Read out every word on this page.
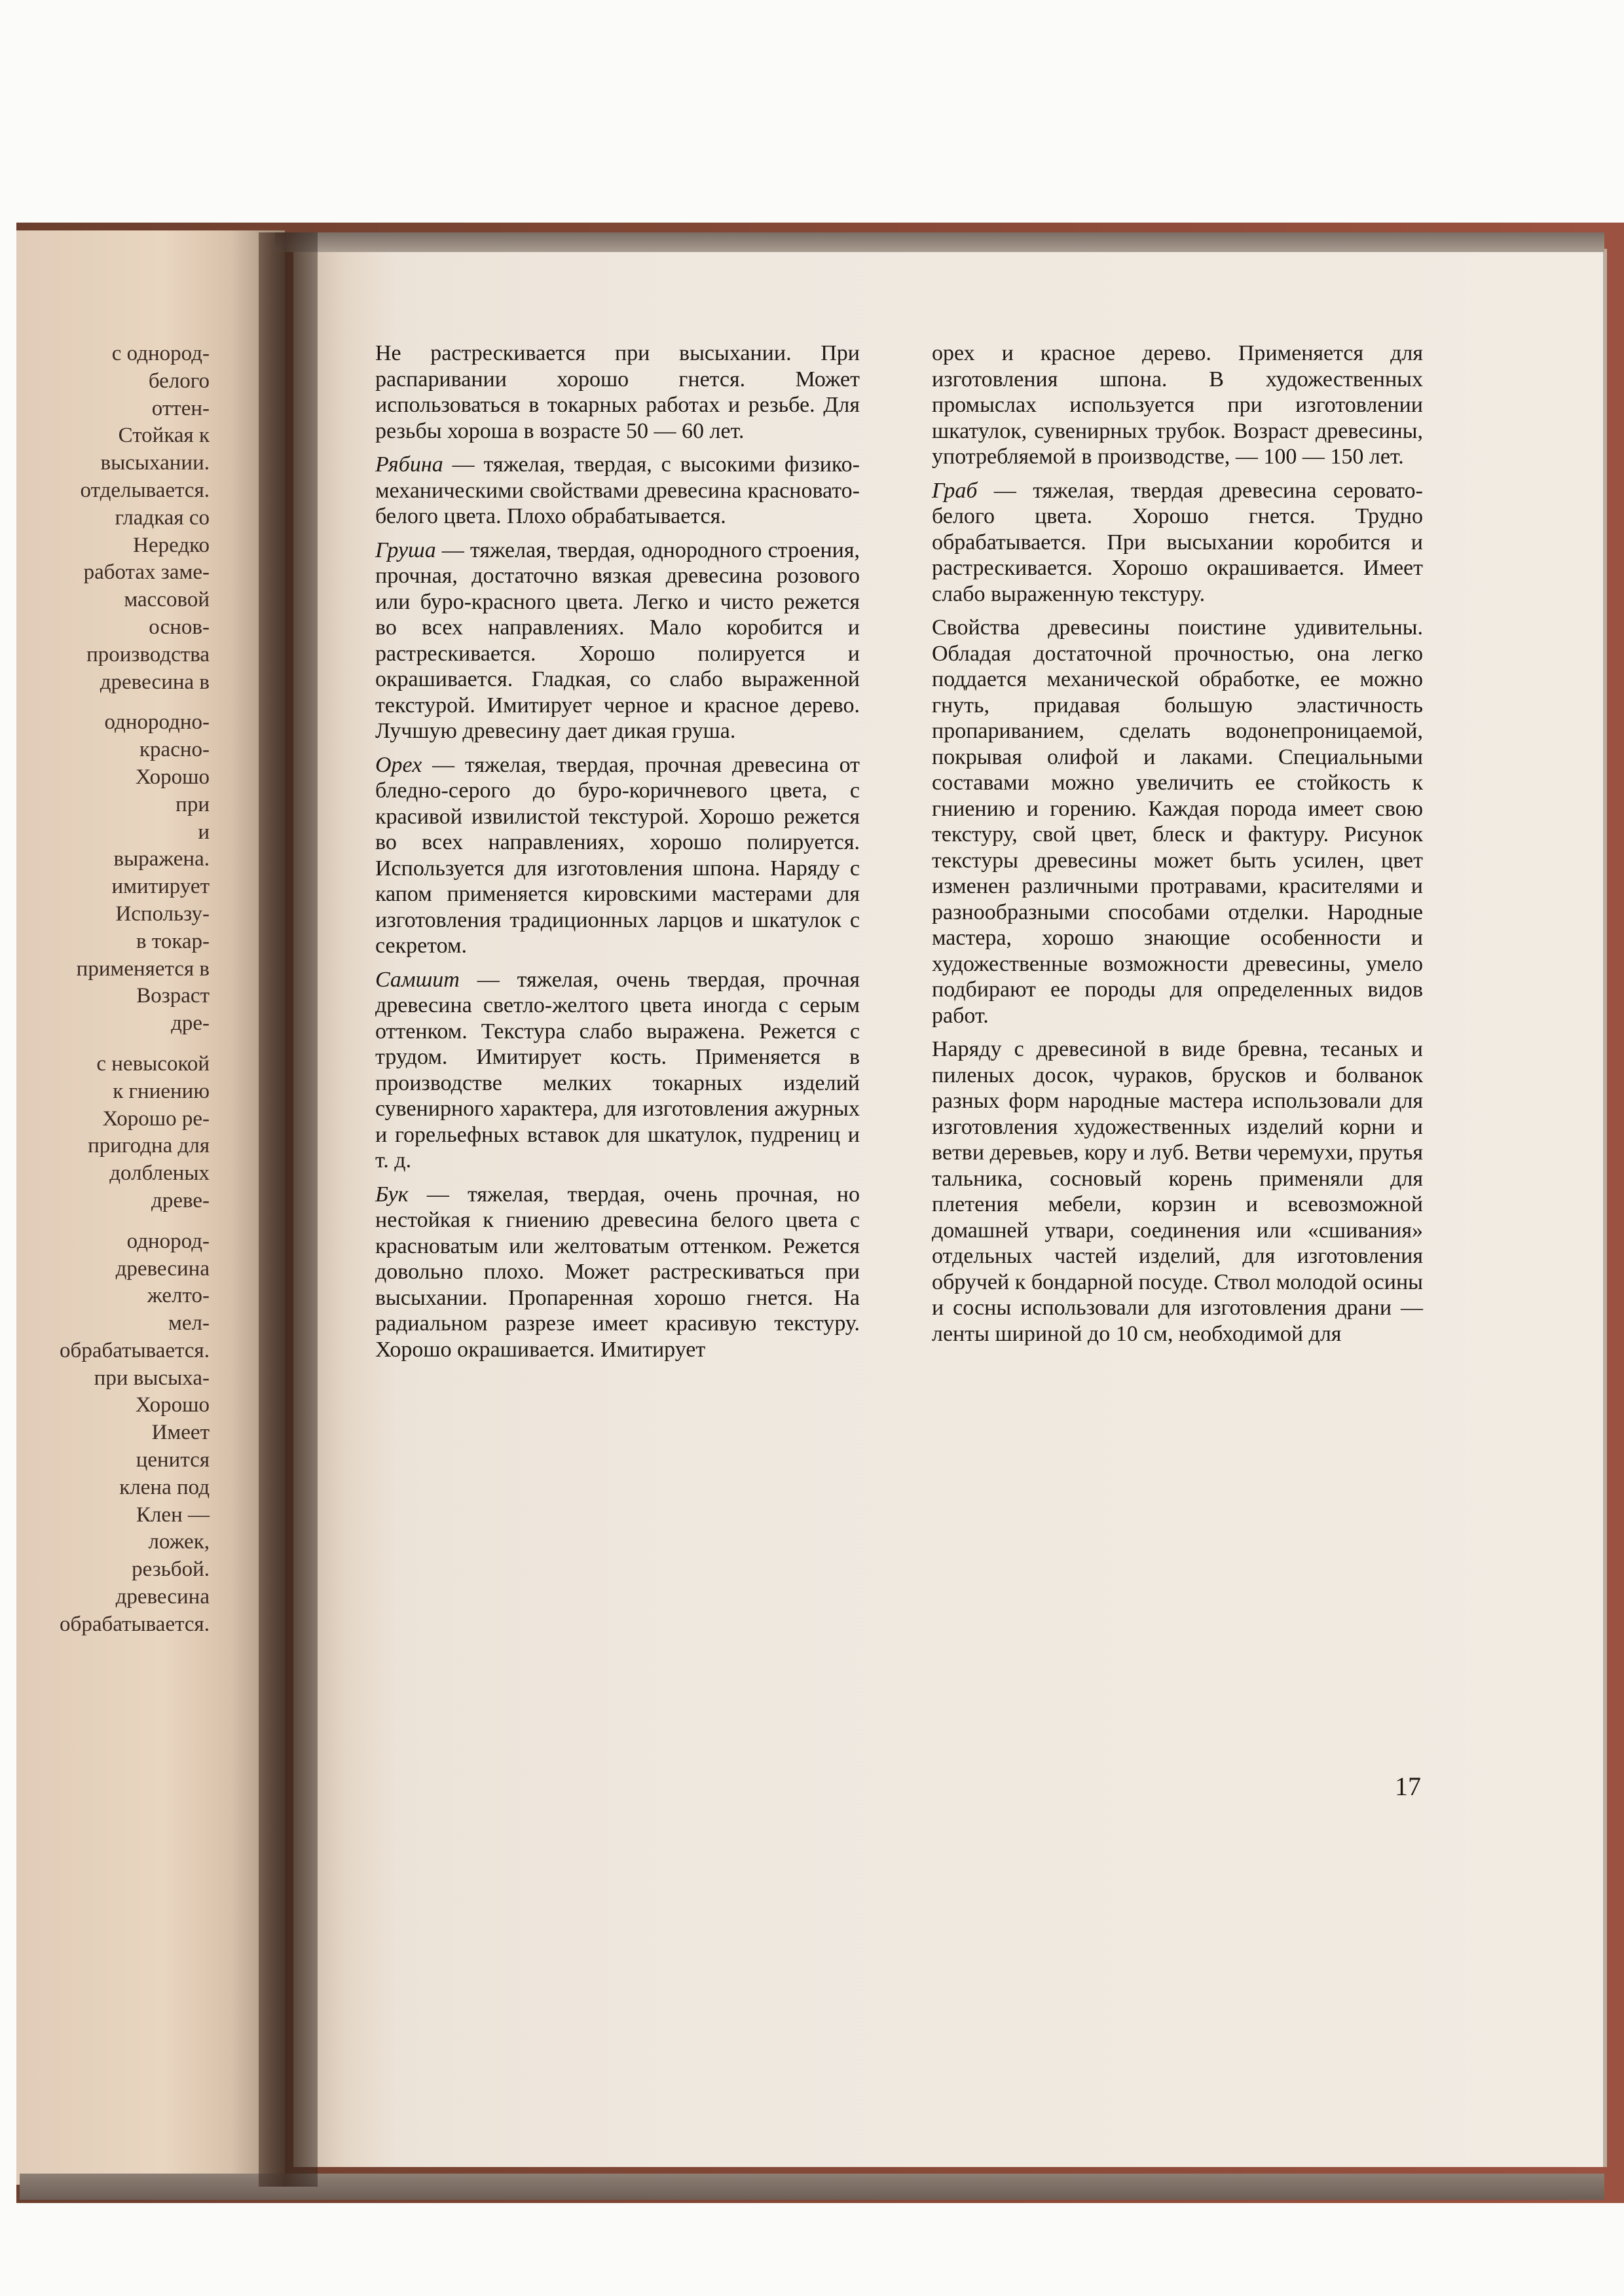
с однород-
белого
оттен-
Стойкая к
высыхании.
отделывается.
гладкая со
Нередко
работах заме-
массовой
основ-
производства
древесина в
однородно-
красно-
Хорошо
при
и
выражена.
имитирует
Использу-
в токар-
применяется в
Возраст
дре-
с невысокой
к гниению
Хорошо ре-
пригодна для
долбленых
древе-
однород-
древесина
желто-
мел-
обрабатывается.
при высыха-
Хорошо
Имеет
ценится
клена под
Клен —
ложек,
резьбой.
древесина
обрабатывается.

Не растрескивается при высыхании. При распаривании хорошо гнется. Может использоваться в токарных работах и резьбе. Для резьбы хороша в возрасте 50 — 60 лет.

Рябина — тяжелая, твердая, с высокими физико-механическими свойствами древесина красновато-белого цвета. Плохо обрабатывается.

Груша — тяжелая, твердая, однородного строения, прочная, достаточно вязкая древесина розового или буро-красного цвета. Легко и чисто режется во всех направлениях. Мало коробится и растрескивается. Хорошо полируется и окрашивается. Гладкая, со слабо выраженной текстурой. Имитирует черное и красное дерево. Лучшую древесину дает дикая груша.

Орех — тяжелая, твердая, прочная древесина от бледно-серого до буро-коричневого цвета, с красивой извилистой текстурой. Хорошо режется во всех направлениях, хорошо полируется. Используется для изготовления шпона. Наряду с капом применяется кировскими мастерами для изготовления традиционных ларцов и шкатулок с секретом.

Самшит — тяжелая, очень твердая, прочная древесина светло-желтого цвета иногда с серым оттенком. Текстура слабо выражена. Режется с трудом. Имитирует кость. Применяется в производстве мелких токарных изделий сувенирного характера, для изготовления ажурных и горельефных вставок для шкатулок, пудрениц и т. д.

Бук — тяжелая, твердая, очень прочная, но нестойкая к гниению древесина белого цвета с красноватым или желтоватым оттенком. Режется довольно плохо. Может растрескиваться при высыхании. Пропаренная хорошо гнется. На радиальном разрезе имеет красивую текстуру. Хорошо окрашивается. Имитирует

орех и красное дерево. Применяется для изготовления шпона. В художественных промыслах используется при изготовлении шкатулок, сувенирных трубок. Возраст древесины, употребляемой в производстве, — 100 — 150 лет.

Граб — тяжелая, твердая древесина серовато-белого цвета. Хорошо гнется. Трудно обрабатывается. При высыхании коробится и растрескивается. Хорошо окрашивается. Имеет слабо выраженную текстуру.

Свойства древесины поистине удивительны. Обладая достаточной прочностью, она легко поддается механической обработке, ее можно гнуть, придавая большую эластичность пропариванием, сделать водонепроницаемой, покрывая олифой и лаками. Специальными составами можно увеличить ее стойкость к гниению и горению. Каждая порода имеет свою текстуру, свой цвет, блеск и фактуру. Рисунок текстуры древесины может быть усилен, цвет изменен различными протравами, красителями и разнообразными способами отделки. Народные мастера, хорошо знающие особенности и художественные возможности древесины, умело подбирают ее породы для определенных видов работ.

Наряду с древесиной в виде бревна, тесаных и пиленых досок, чураков, брусков и болванок разных форм народные мастера использовали для изготовления художественных изделий корни и ветви деревьев, кору и луб. Ветви черемухи, прутья тальника, сосновый корень применяли для плетения мебели, корзин и всевозможной домашней утвари, соединения или «сшивания» отдельных частей изделий, для изготовления обручей к бондарной посуде. Ствол молодой осины и сосны использовали для изготовления драни — ленты шириной до 10 см, необходимой для

17
